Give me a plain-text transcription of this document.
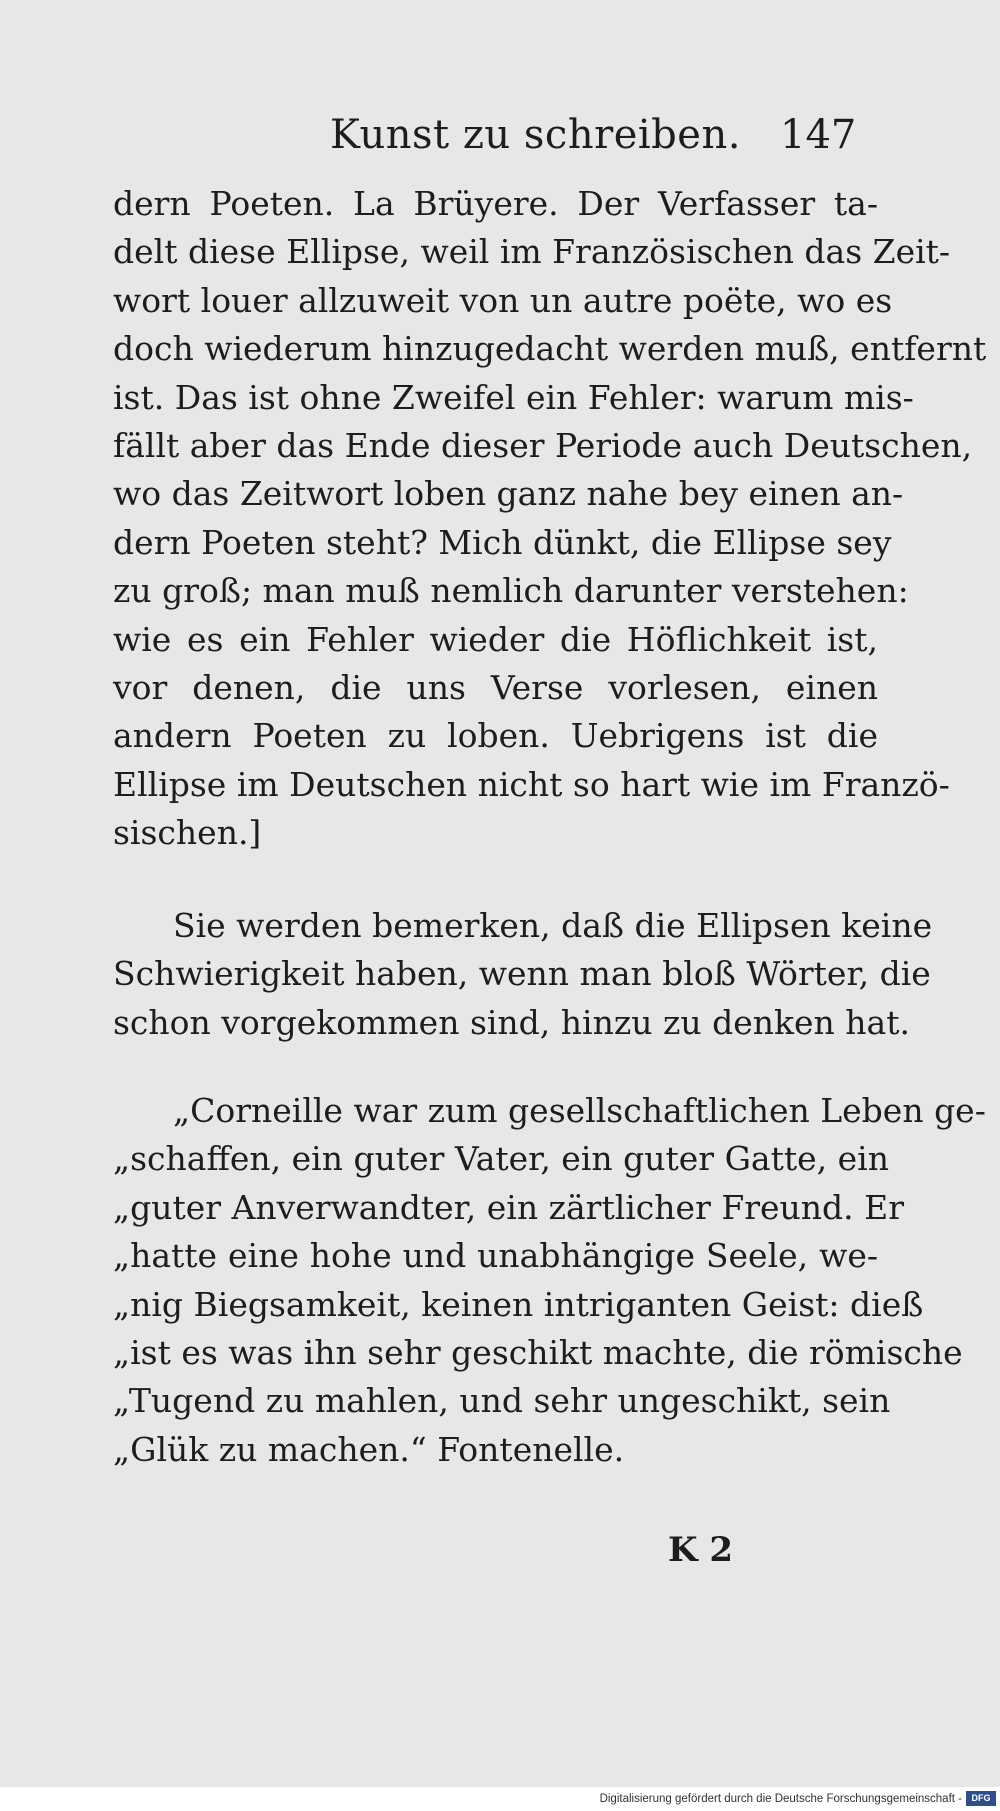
Kunst zu schreiben. 147
dern Poeten. La Brüyere. Der Verfasser ta-
delt diese Ellipse, weil im Französischen das Zeit-
wort louer allzuweit von un autre poëte, wo es
doch wiederum hinzugedacht werden muß, entfernt
ist. Das ist ohne Zweifel ein Fehler: warum mis-
fällt aber das Ende dieser Periode auch Deutschen,
wo das Zeitwort loben ganz nahe bey einen an-
dern Poeten steht? Mich dünkt, die Ellipse sey
zu groß; man muß nemlich darunter verstehen:
wie es ein Fehler wieder die Höflichkeit ist,
vor denen, die uns Verse vorlesen, einen
andern Poeten zu loben. Uebrigens ist die
Ellipse im Deutschen nicht so hart wie im Franzö-
sischen.]
Sie werden bemerken, daß die Ellipsen keine
Schwierigkeit haben, wenn man bloß Wörter, die
schon vorgekommen sind, hinzu zu denken hat.
„Corneille war zum gesellschaftlichen Leben ge-
„schaffen, ein guter Vater, ein guter Gatte, ein
„guter Anverwandter, ein zärtlicher Freund. Er
„hatte eine hohe und unabhängige Seele, we-
„nig Biegsamkeit, keinen intriganten Geist: dieß
„ist es was ihn sehr geschikt machte, die römische
„Tugend zu mahlen, und sehr ungeschikt, sein
„Glük zu machen.“ Fontenelle.
K 2
Digitalisierung gefördert durch die Deutsche Forschungsgemeinschaft -	DFG
